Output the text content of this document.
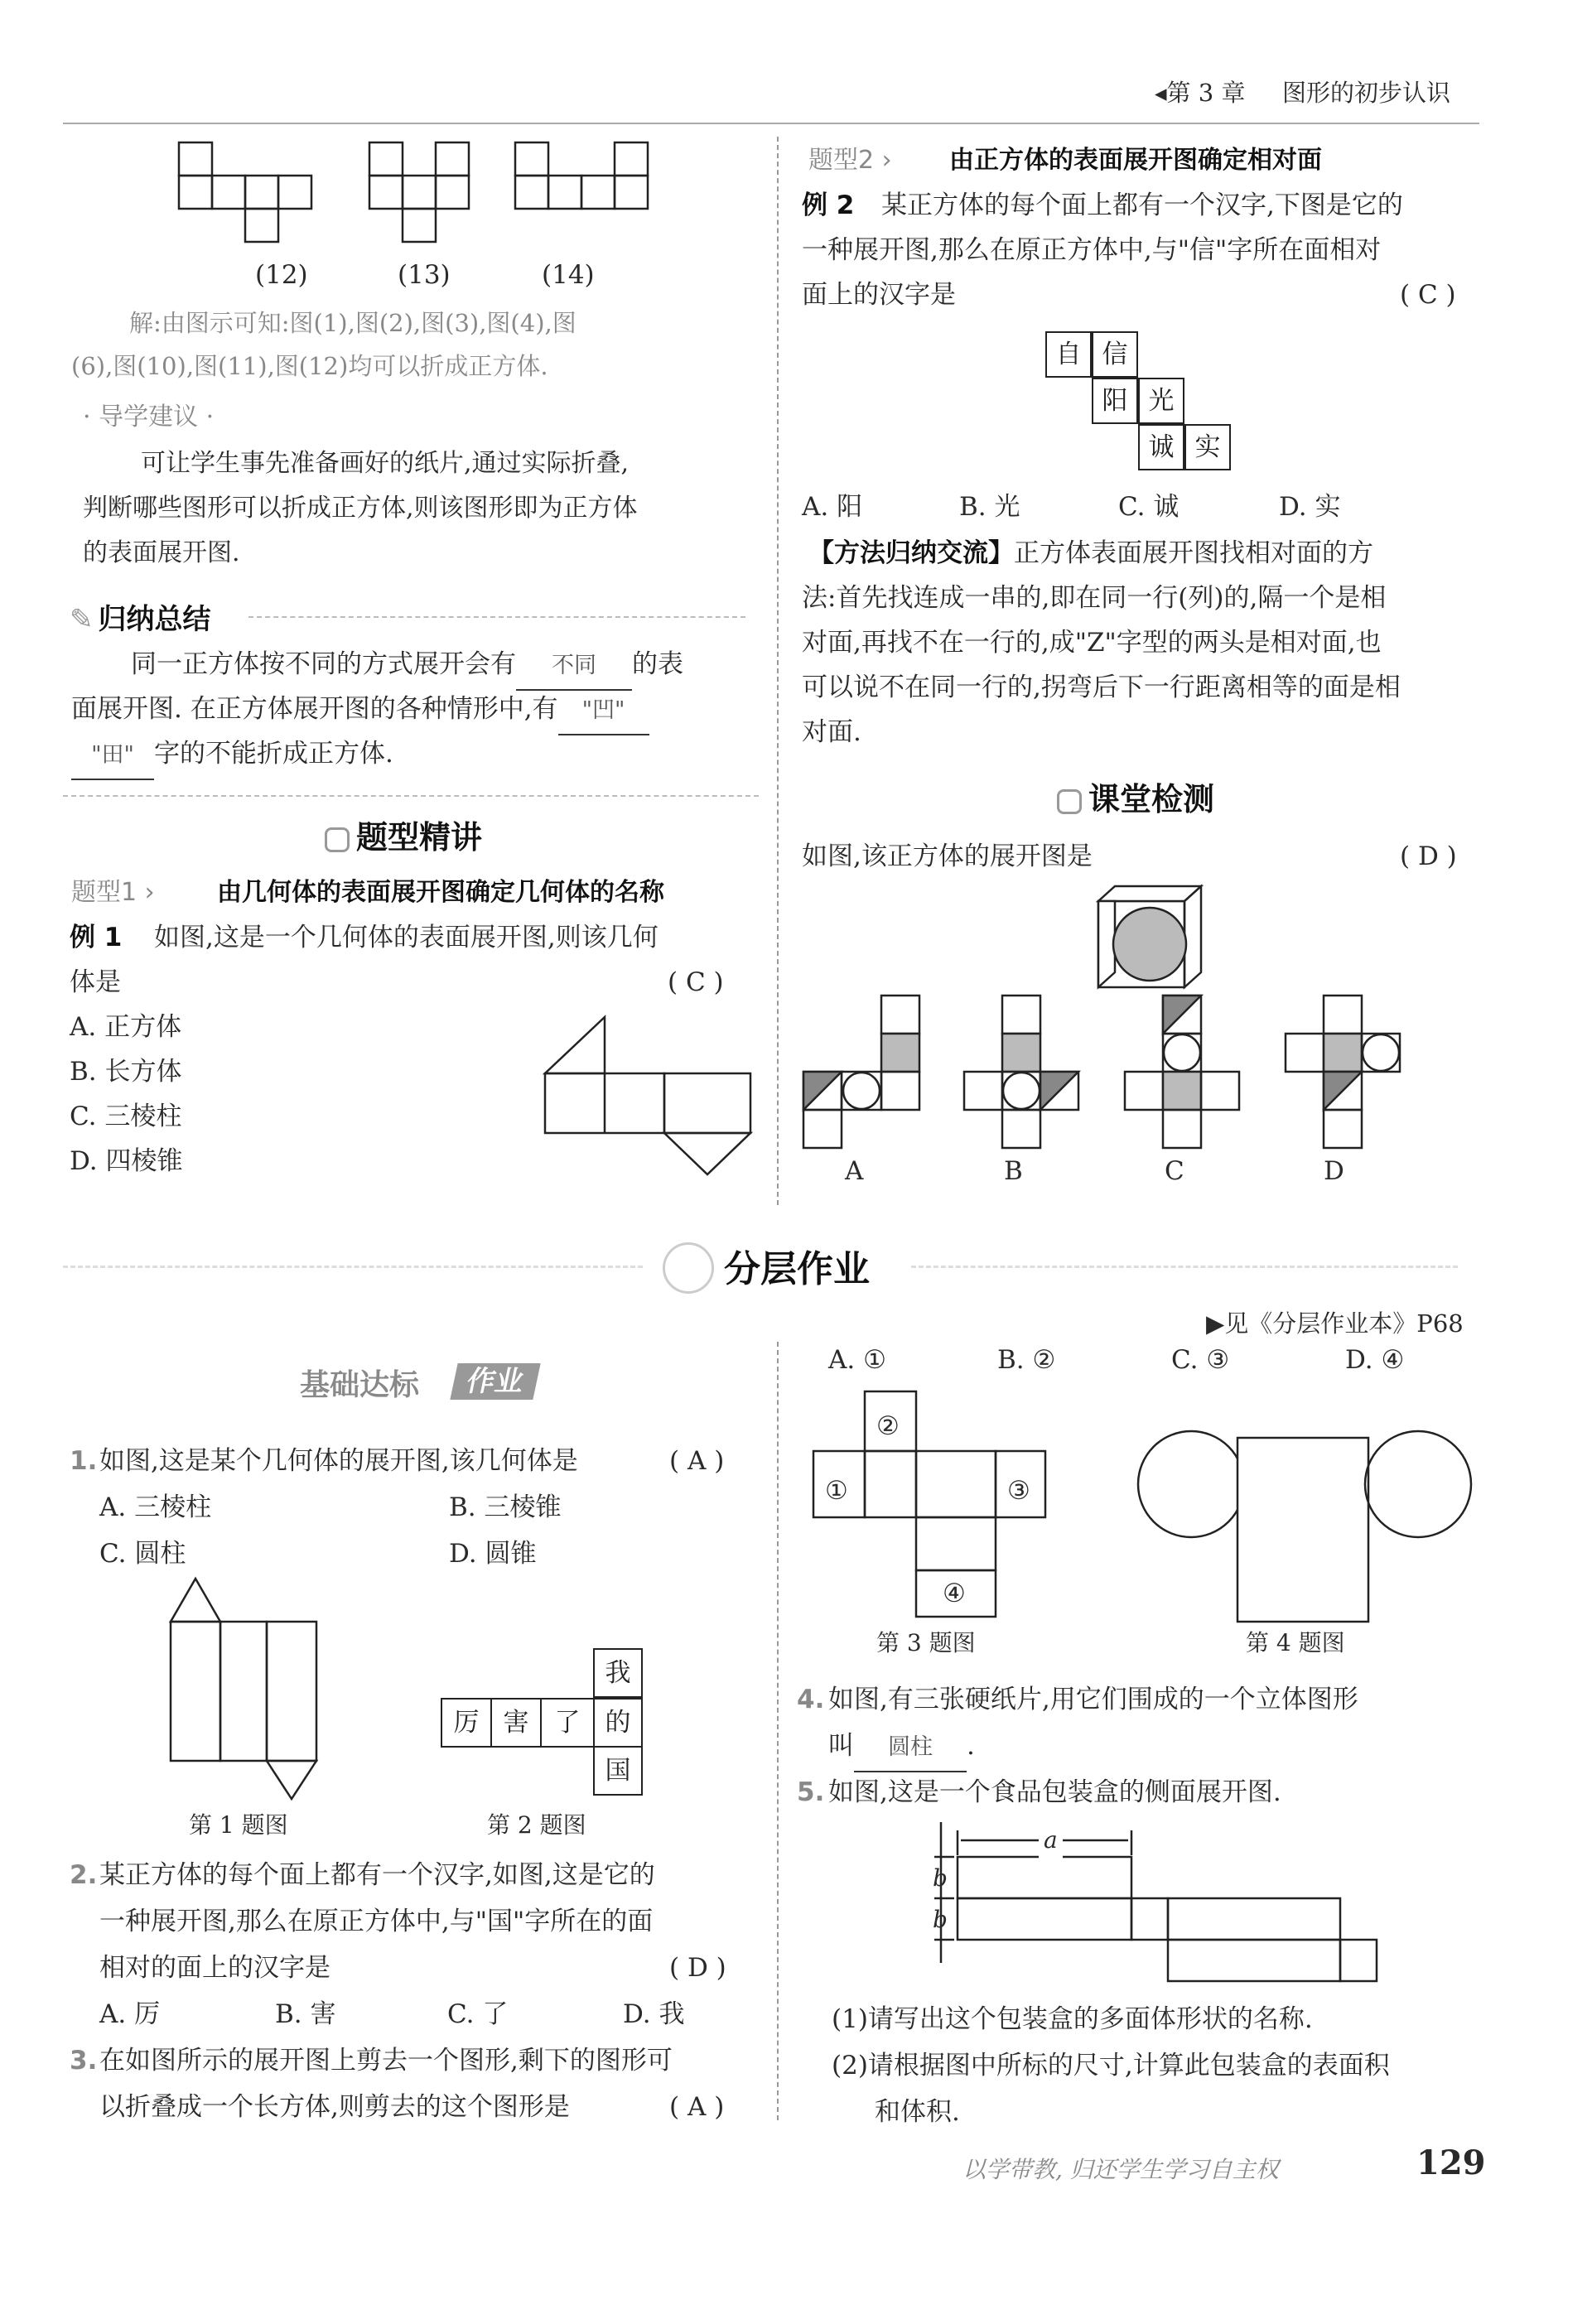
◂第 3 章 图形的初步认识
(12)	(13)	(14)
解:由图示可知:图(1),图(2),图(3),图(4),图
(6),图(10),图(11),图(12)均可以折成正方体.
· 导学建议 ·
可让学生事先准备画好的纸片,通过实际折叠,
判断哪些图形可以折成正方体,则该图形即为正方体
的表面展开图.
✎ 归纳总结
同一正方体按不同的方式展开会有 不同 的表
面展开图. 在正方体展开图的各种情形中,有 "凹"
"田" 字的不能折成正方体.
题型精讲
题型1 ›	由几何体的表面展开图确定几何体的名称
例 1 如图,这是一个几何体的表面展开图,则该几何
体是	( C )
A. 正方体
B. 长方体
C. 三棱柱
D. 四棱锥
题型2 › 由正方体的表面展开图确定相对面
例 2 某正方体的每个面上都有一个汉字,下图是它的
一种展开图,那么在原正方体中,与"信"字所在面相对
面上的汉字是	( C )
自 信
阳 光
诚 实
A. 阳	B. 光	C. 诚	D. 实
【方法归纳交流】正方体表面展开图找相对面的方
法:首先找连成一串的,即在同一行(列)的,隔一个是相
对面,再找不在一行的,成"Z"字型的两头是相对面,也
可以说不在同一行的,拐弯后下一行距离相等的面是相
对面.
课堂检测
如图,该正方体的展开图是	( D )
A	B	C	D
分层作业
▶见《分层作业本》P68
基础达标	作业
1. 如图,这是某个几何体的展开图,该几何体是	( A )
A. 三棱柱	B. 三棱锥
C. 圆柱	D. 圆锥
我
厉 害	了 的
国
第 1 题图	第 2 题图
2. 某正方体的每个面上都有一个汉字,如图,这是它的
一种展开图,那么在原正方体中,与"国"字所在的面
相对的面上的汉字是	( D )
A. 厉	B. 害	C. 了	D. 我
3. 在如图所示的展开图上剪去一个图形,剩下的图形可
以折叠成一个长方体,则剪去的这个图形是	( A )
A. ①	B. ②	C. ③	D. ④
②
①	③
④
第 3 题图	第 4 题图
4. 如图,有三张硬纸片,用它们围成的一个立体图形
叫 圆柱 .
5. 如图,这是一个食品包装盒的侧面展开图.
a
b
b
(1)请写出这个包装盒的多面体形状的名称.
(2)请根据图中所标的尺寸,计算此包装盒的表面积
和体积.
以学带教, 归还学生学习自主权	129
